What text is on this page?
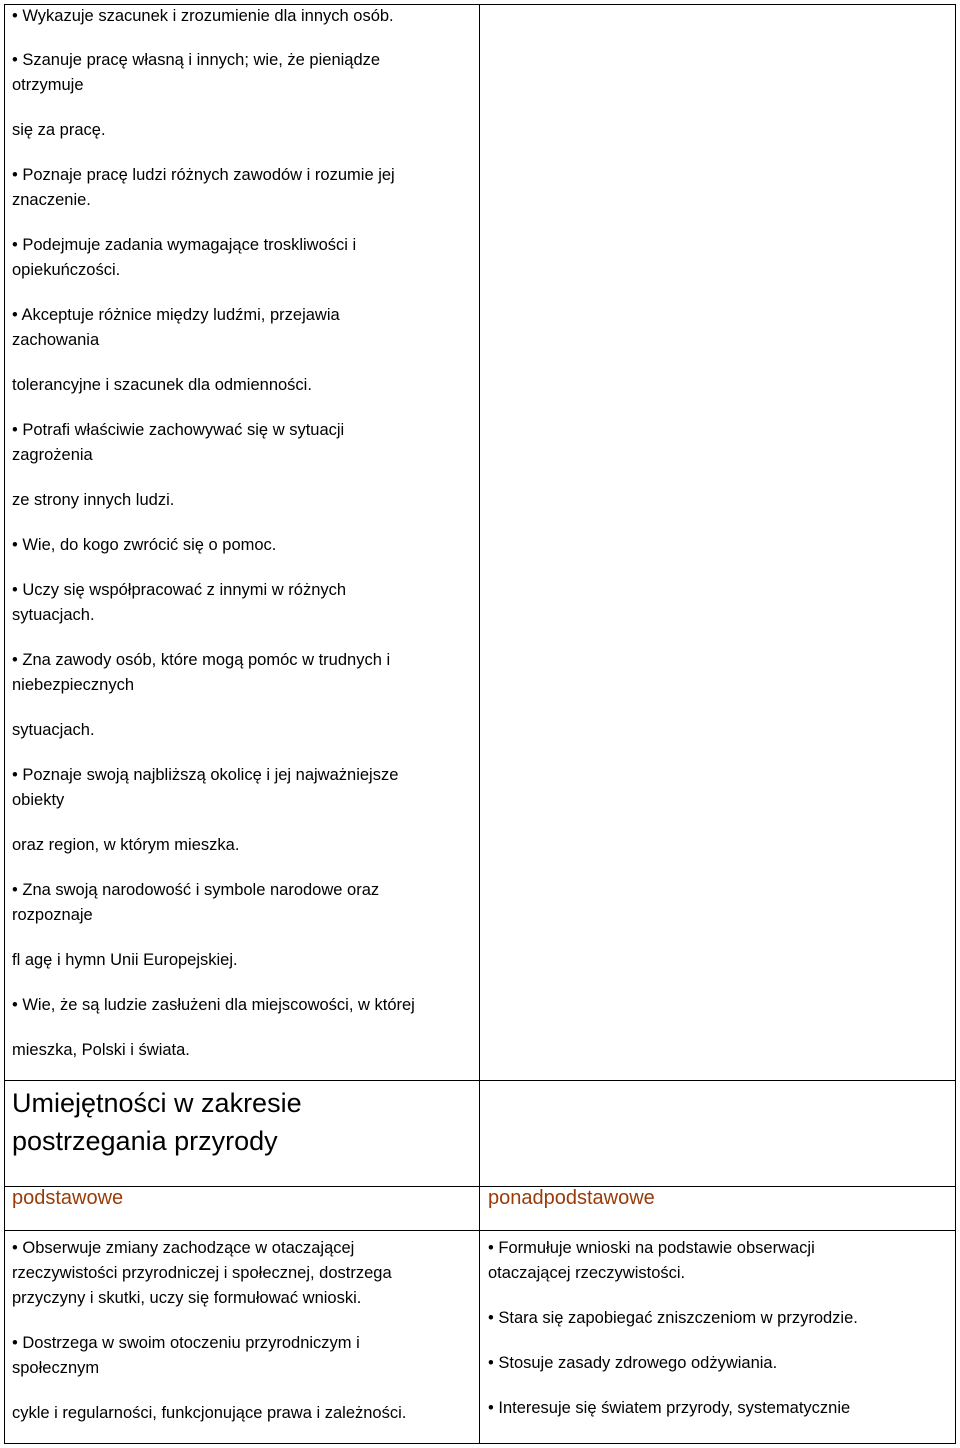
• Wykazuje szacunek i zrozumienie dla innych osób.

• Szanuje pracę własną i innych; wie, że pieniądze

otrzymuje

się za pracę.

• Poznaje pracę ludzi różnych zawodów i rozumie jej

znaczenie.

• Podejmuje zadania wymagające troskliwości i

opiekuńczości.

• Akceptuje różnice między ludźmi, przejawia

zachowania

tolerancyjne i szacunek dla odmienności.

• Potrafi właściwie zachowywać się w sytuacji

zagrożenia

ze strony innych ludzi.

• Wie, do kogo zwrócić się o pomoc.

• Uczy się współpracować z innymi w różnych

sytuacjach.

• Zna zawody osób, które mogą pomóc w trudnych i

niebezpiecznych

sytuacjach.

• Poznaje swoją najbliższą okolicę i jej najważniejsze

obiekty

oraz region, w którym mieszka.

• Zna swoją narodowość i symbole narodowe oraz

rozpoznaje

fl agę i hymn Unii Europejskiej.

• Wie, że są ludzie zasłużeni dla miejscowości, w której

mieszka, Polski i świata.

Umiejętności w zakresie
postrzegania przyrody
podstawowe	ponadpodstawowe

• Obserwuje zmiany zachodzące w otaczającej

rzeczywistości przyrodniczej i społecznej, dostrzega

przyczyny i skutki, uczy się formułować wnioski.

• Dostrzega w swoim otoczeniu przyrodniczym i

społecznym

cykle i regularności, funkcjonujące prawa i zależności.

• Formułuje wnioski na podstawie obserwacji

otaczającej rzeczywistości.

• Stara się zapobiegać zniszczeniom w przyrodzie.

• Stosuje zasady zdrowego odżywiania.

• Interesuje się światem przyrody, systematycznie
